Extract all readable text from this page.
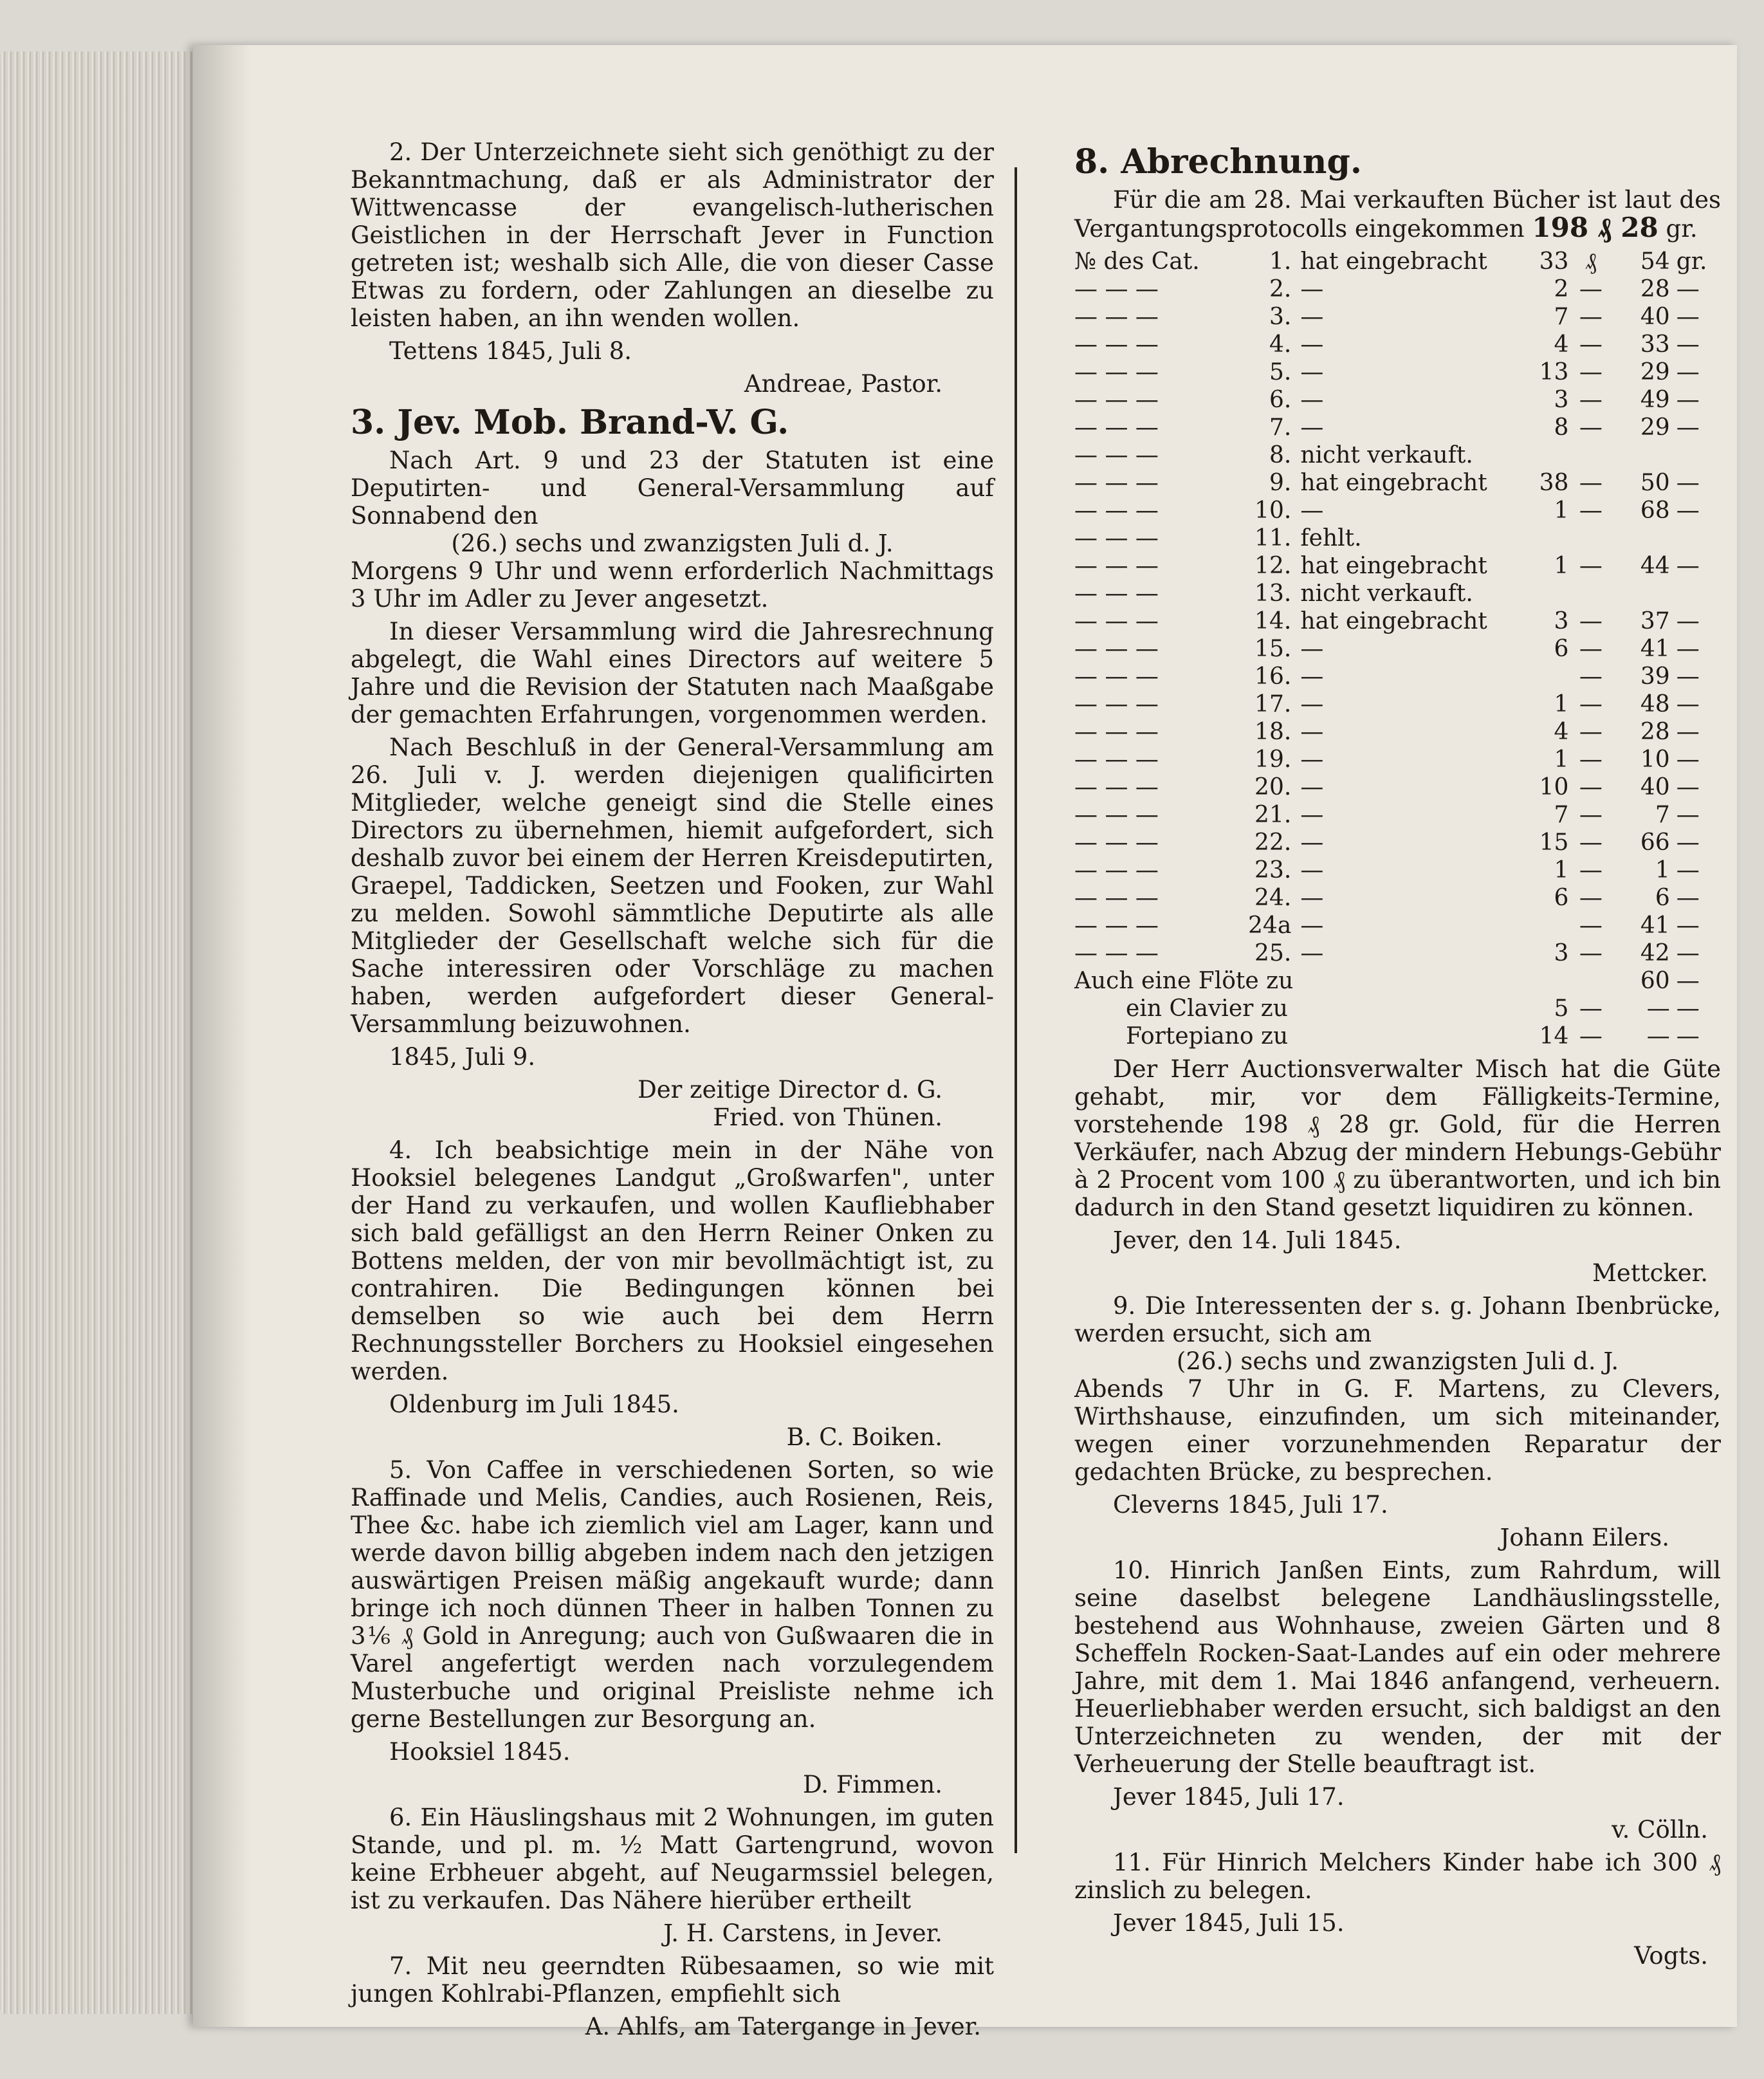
2. Der Unterzeichnete sieht sich genöthigt zu der Bekanntmachung, daß er als Administrator der Wittwencasse der evangelisch-lutherischen Geistlichen in der Herrschaft Jever in Function getreten ist; weshalb sich Alle, die von dieser Casse Etwas zu fordern, oder Zahlungen an dieselbe zu leisten haben, an ihn wenden wollen.

Tettens 1845, Juli 8.

Andreae, Pastor.

3. Jev. Mob. Brand-V. G.

Nach Art. 9 und 23 der Statuten ist eine Deputirten- und General-Versammlung auf Sonnabend den

(26.) sechs und zwanzigsten Juli d. J.

Morgens 9 Uhr und wenn erforderlich Nachmittags 3 Uhr im Adler zu Jever angesetzt.

In dieser Versammlung wird die Jahresrechnung abgelegt, die Wahl eines Directors auf weitere 5 Jahre und die Revision der Statuten nach Maaßgabe der gemachten Erfahrungen, vorgenommen werden.

Nach Beschluß in der General-Versammlung am 26. Juli v. J. werden diejenigen qualificirten Mitglieder, welche geneigt sind die Stelle eines Directors zu übernehmen, hiemit aufgefordert, sich deshalb zuvor bei einem der Herren Kreisdeputirten, Graepel, Taddicken, Seetzen und Fooken, zur Wahl zu melden. Sowohl sämmtliche Deputirte als alle Mitglieder der Gesellschaft welche sich für die Sache interessiren oder Vorschläge zu machen haben, werden aufgefordert dieser General-Versammlung beizuwohnen.

1845, Juli 9.

Der zeitige Director d. G.

Fried. von Thünen.

4. Ich beabsichtige mein in der Nähe von Hooksiel belegenes Landgut „Großwarfen", unter der Hand zu verkaufen, und wollen Kaufliebhaber sich bald gefälligst an den Herrn Reiner Onken zu Bottens melden, der von mir bevollmächtigt ist, zu contrahiren. Die Bedingungen können bei demselben so wie auch bei dem Herrn Rechnungssteller Borchers zu Hooksiel eingesehen werden.

Oldenburg im Juli 1845.

B. C. Boiken.

5. Von Caffee in verschiedenen Sorten, so wie Raffinade und Melis, Candies, auch Rosienen, Reis, Thee &c. habe ich ziemlich viel am Lager, kann und werde davon billig abgeben indem nach den jetzigen auswärtigen Preisen mäßig angekauft wurde; dann bringe ich noch dünnen Theer in halben Tonnen zu 3⅙ ₰ Gold in Anregung; auch von Gußwaaren die in Varel angefertigt werden nach vorzulegendem Musterbuche und original Preisliste nehme ich gerne Bestellungen zur Besorgung an.

Hooksiel 1845.

D. Fimmen.

6. Ein Häuslingshaus mit 2 Wohnungen, im guten Stande, und pl. m. ½ Matt Gartengrund, wovon keine Erbheuer abgeht, auf Neugarmssiel belegen, ist zu verkaufen. Das Nähere hierüber ertheilt

J. H. Carstens, in Jever.

7. Mit neu geerndten Rübesaamen, so wie mit jungen Kohlrabi-Pflanzen, empfiehlt sich

A. Ahlfs, am Tatergange in Jever.

8. Abrechnung.

Für die am 28. Mai verkauften Bücher ist laut des Vergantungsprotocolls eingekommen 198 ₰ 28 gr.

№ des Cat.	1.	hat eingebracht	33	₰	54	gr.
— — —	2.	—	2	—	28	—
— — —	3.	—	7	—	40	—
— — —	4.	—	4	—	33	—
— — —	5.	—	13	—	29	—
— — —	6.	—	3	—	49	—
— — —	7.	—	8	—	29	—
— — —	8.	nicht verkauft.				
— — —	9.	hat eingebracht	38	—	50	—
— — —	10.	—	1	—	68	—
— — —	11.	fehlt.				
— — —	12.	hat eingebracht	1	—	44	—
— — —	13.	nicht verkauft.				
— — —	14.	hat eingebracht	3	—	37	—
— — —	15.	—	6	—	41	—
— — —	16.	—		—	39	—
— — —	17.	—	1	—	48	—
— — —	18.	—	4	—	28	—
— — —	19.	—	1	—	10	—
— — —	20.	—	10	—	40	—
— — —	21.	—	7	—	7	—
— — —	22.	—	15	—	66	—
— — —	23.	—	1	—	1	—
— — —	24.	—	6	—	6	—
— — —	24a	—		—	41	—
— — —	25.	—	3	—	42	—
Auch eine Flöte zu					60	—
ein Clavier zu			5	—	—	—
Fortepiano zu			14	—	—	—

Der Herr Auctionsverwalter Misch hat die Güte gehabt, mir, vor dem Fälligkeits-Termine, vorstehende 198 ₰ 28 gr. Gold, für die Herren Verkäufer, nach Abzug der mindern Hebungs-Gebühr à 2 Procent vom 100 ₰ zu überantworten, und ich bin dadurch in den Stand gesetzt liquidiren zu können.

Jever, den 14. Juli 1845.

Mettcker.

9. Die Interessenten der s. g. Johann Ibenbrücke, werden ersucht, sich am

(26.) sechs und zwanzigsten Juli d. J.

Abends 7 Uhr in G. F. Martens, zu Clevers, Wirthshause, einzufinden, um sich miteinander, wegen einer vorzunehmenden Reparatur der gedachten Brücke, zu besprechen.

Cleverns 1845, Juli 17.

Johann Eilers.

10. Hinrich Janßen Eints, zum Rahrdum, will seine daselbst belegene Landhäuslingsstelle, bestehend aus Wohnhause, zweien Gärten und 8 Scheffeln Rocken-Saat-Landes auf ein oder mehrere Jahre, mit dem 1. Mai 1846 anfangend, verheuern. Heuerliebhaber werden ersucht, sich baldigst an den Unterzeichneten zu wenden, der mit der Verheuerung der Stelle beauftragt ist.

Jever 1845, Juli 17.

v. Cölln.

11. Für Hinrich Melchers Kinder habe ich 300 ₰ zinslich zu belegen.

Jever 1845, Juli 15.

Vogts.
